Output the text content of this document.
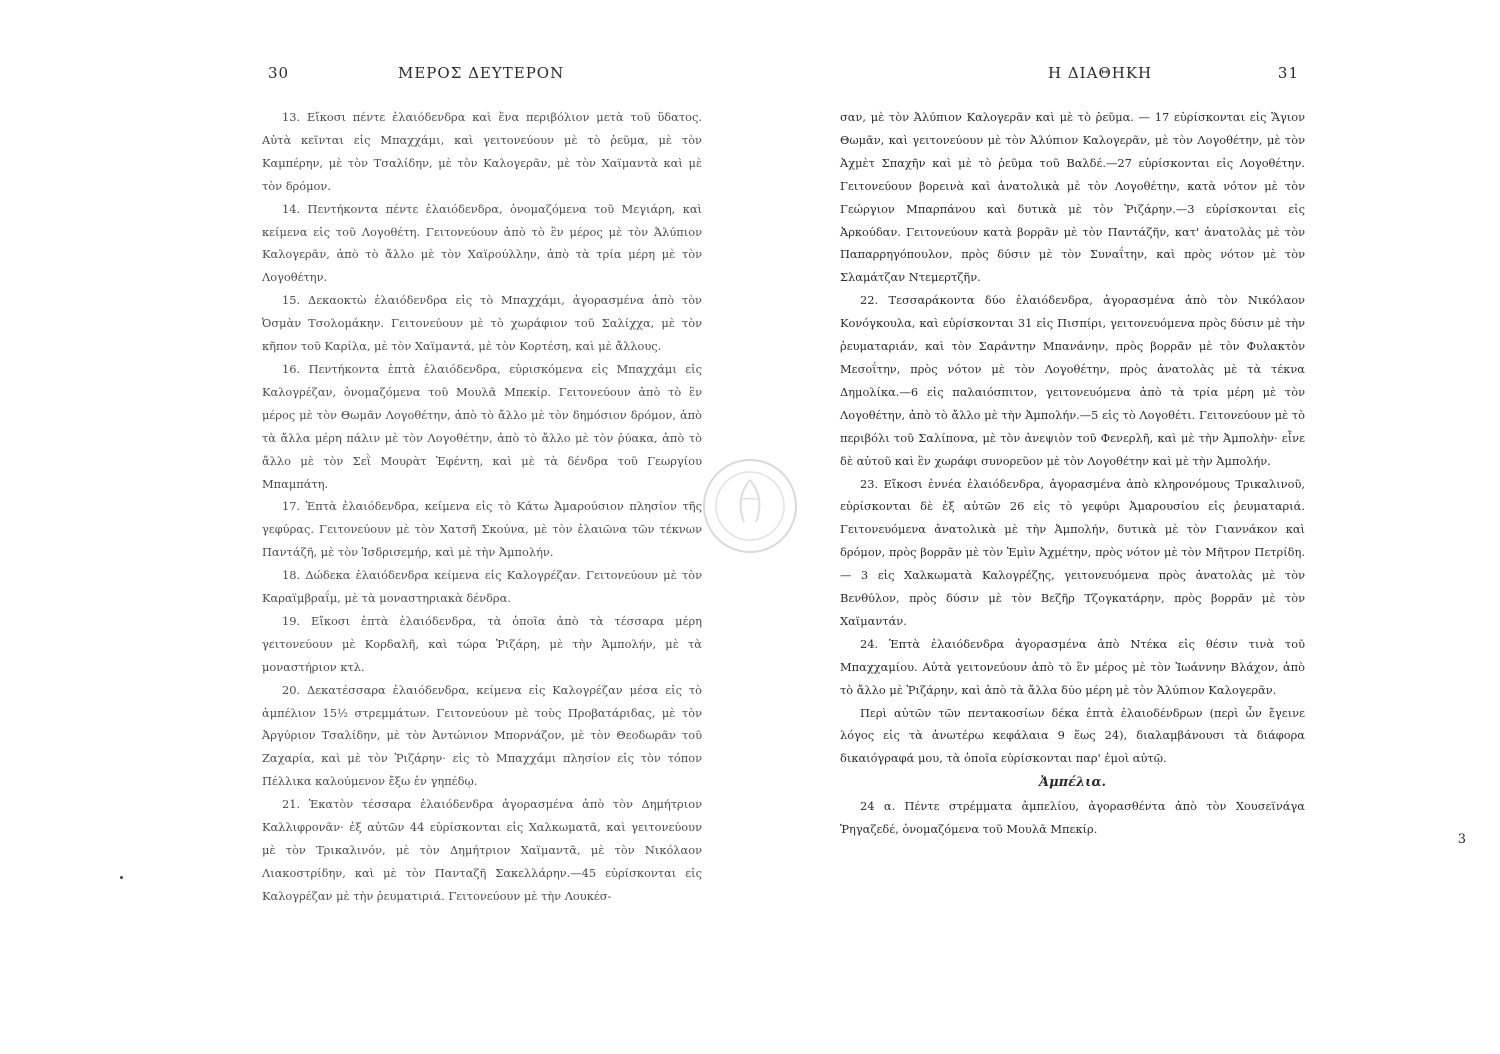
30	ΜΕΡΟΣ ΔΕΥΤΕΡΟΝ

13. Εἴκοσι πέντε ἐλαιόδενδρα καὶ ἕνα περιβόλιον μετὰ τοῦ ὕδατος. Αὐτὰ κεῖνται εἰς Μπαχχάμι, καὶ γειτονεύουν μὲ τὸ ῥεῦμα, μὲ τὸν Καμπέρην, μὲ τὸν Τσαλίδην, μὲ τὸν Καλογερᾶν, μὲ τὸν Χαϊμαντὰ καὶ μὲ τὸν δρόμον.

14. Πεντήκοντα πέντε ἐλαιόδενδρα, ὀνομαζόμενα τοῦ Μεγιάρη, καὶ κείμενα εἰς τοῦ Λογοθέτη. Γειτονεύουν ἀπὸ τὸ ἓν μέρος μὲ τὸν Ἀλύπιον Καλογερᾶν, ἀπὸ τὸ ἄλλο μὲ τὸν Χαϊρούλλην, ἀπὸ τὰ τρία μέρη μὲ τὸν Λογοθέτην.

15. Δεκαοκτὼ ἐλαιόδενδρα εἰς τὸ Μπαχχάμι, ἀγορασμένα ἀπὸ τὸν Ὀσμὰν Τσολομάκην. Γειτονεύουν μὲ τὸ χωράφιον τοῦ Σαλίχχα, μὲ τὸν κῆπον τοῦ Καρίλα, μὲ τὸν Χαϊμαντά, μὲ τὸν Κορτέση, καὶ μὲ ἄλλους.

16. Πεντήκοντα ἑπτὰ ἐλαιόδενδρα, εὑρισκόμενα εἰς Μπαχχάμι εἰς Καλογρέζαν, ὀνομαζόμενα τοῦ Μουλᾶ Μπεκίρ. Γειτονεύουν ἀπὸ τὸ ἓν μέρος μὲ τὸν Θωμᾶν Λογοθέτην, ἀπὸ τὸ ἄλλο μὲ τὸν δημόσιον δρόμον, ἀπὸ τὰ ἄλλα μέρη πάλιν μὲ τὸν Λογοθέτην, ἀπὸ τὸ ἄλλο μὲ τὸν ῥύακα, ἀπὸ τὸ ἄλλο μὲ τὸν Σεῒ Μουρὰτ Ἐφέντη, καὶ μὲ τὰ δένδρα τοῦ Γεωργίου Μπαμπάτη.

17. Ἑπτὰ ἐλαιόδενδρα, κείμενα εἰς τὸ Κάτω Ἀμαρούσιον πλησίον τῆς γεφύρας. Γειτονεύουν μὲ τὸν Χατσῆ Σκούνα, μὲ τὸν ἐλαιῶνα τῶν τέκνων Παντάζῆ, μὲ τὸν Ἰσδρισεμήρ, καὶ μὲ τὴν Ἀμπολήν.

18. Δώδεκα ἐλαιόδενδρα κείμενα εἰς Καλογρέζαν. Γειτονεύουν μὲ τὸν Καραϊμβραΐμ, μὲ τὰ μοναστηριακὰ δένδρα.

19. Εἴκοσι ἑπτὰ ἐλαιόδενδρα, τὰ ὁποῖα ἀπὸ τὰ τέσσαρα μέρη γειτονεύουν μὲ Κορδαλῆ, καὶ τώρα Ῥιζάρη, μὲ τὴν Ἀμπολήν, μὲ τὰ μοναστήριον κτλ.

20. Δεκατέσσαρα ἐλαιόδενδρα, κείμενα εἰς Καλογρέζαν μέσα εἰς τὸ ἀμπέλιον 15½ στρεμμάτων. Γειτονεύουν μὲ τοὺς Προβατάριδας, μὲ τὸν Ἀργύριον Τσαλίδην, μὲ τὸν Ἀντώνιον Μπορνάζον, μὲ τὸν Θεοδωρᾶν τοῦ Ζαχαρία, καὶ μὲ τὸν Ῥιζάρην· εἰς τὸ Μπαχχάμι πλησίον εἰς τὸν τόπον Πέλλικα καλούμενον ἔξω ἐν γηπέδῳ.

21. Ἑκατὸν τέσσαρα ἐλαιόδενδρα ἀγορασμένα ἀπὸ τὸν Δημήτριον Καλλιφρονᾶν· ἐξ αὐτῶν 44 εὑρίσκονται εἰς Χαλκωματᾶ, καὶ γειτονεύουν μὲ τὸν Τρικαλινόν, μὲ τὸν Δημήτριον Χαϊμαντᾶ, μὲ τὸν Νικόλαον Λιακοστρίδην, καὶ μὲ τὸν Πανταζῆ Σακελλάρην.—45 εὑρίσκονται εἰς Καλογρέζαν μὲ τὴν ῥευματιριά. Γειτονεύουν μὲ τὴν Λουκέσ-

Η ΔΙΑΘΗΚΗ	31

σαν, μὲ τὸν Ἀλύπιον Καλογερᾶν καὶ μὲ τὸ ῥεῦμα. — 17 εὑρίσκονται εἰς Ἅγιον Θωμᾶν, καὶ γειτονεύουν μὲ τὸν Ἀλύπιον Καλογερᾶν, μὲ τὸν Λογοθέτην, μὲ τὸν Ἀχμὲτ Σπαχῆν καὶ μὲ τὸ ῥεῦμα τοῦ Βαλδέ.—27 εὑρίσκονται εἰς Λογοθέτην. Γειτονεύουν βορεινὰ καὶ ἀνατολικὰ μὲ τὸν Λογοθέτην, κατὰ νότον μὲ τὸν Γεώργιον Μπαρπάνου καὶ δυτικὰ μὲ τὸν Ῥιζάρην.—3 εὑρίσκονται εἰς Ἀρκούδαν. Γειτονεύουν κατὰ βορρᾶν μὲ τὸν Παντάζῆν, κατ' ἀνατολὰς μὲ τὸν Παπαρρηγόπουλον, πρὸς δύσιν μὲ τὸν Συναΐτην, καὶ πρὸς νότον μὲ τὸν Σλαμάτζαν Ντεμερτζῆν.

22. Τεσσαράκοντα δύο ἐλαιόδενδρα, ἀγορασμένα ἀπὸ τὸν Νικόλαον Κονόγκουλα, καὶ εὑρίσκονται 31 εἰς Πισπίρι, γειτονευόμενα πρὸς δύσιν μὲ τὴν ῥευματαριάν, καὶ τὸν Σαράντην Μπανάνην, πρὸς βορρᾶν μὲ τὸν Φυλακτὸν Μεσοΐτην, πρὸς νότον μὲ τὸν Λογοθέτην, πρὸς ἀνατολὰς μὲ τὰ τέκνα Δημολίκα.—6 εἰς παλαιόσπιτον, γειτονευόμενα ἀπὸ τὰ τρία μέρη μὲ τὸν Λογοθέτην, ἀπὸ τὸ ἄλλο μὲ τὴν Ἀμπολήν.—5 εἰς τὸ Λογοθέτι. Γειτονεύουν μὲ τὸ περιβόλι τοῦ Σαλίπονα, μὲ τὸν ἀνεψιὸν τοῦ Φενερλῆ, καὶ μὲ τὴν Ἀμπολὴν· εἶνε δὲ αὐτοῦ καὶ ἓν χωράφι συνορεῦον μὲ τὸν Λογοθέτην καὶ μὲ τὴν Ἀμπολήν.

23. Εἴκοσι ἐννέα ἐλαιόδενδρα, ἀγορασμένα ἀπὸ κληρονόμους Τρικαλινοῦ, εὑρίσκονται δὲ ἐξ αὐτῶν 26 εἰς τὸ γεφύρι Ἀμαρουσίου εἰς ῥευματαριά. Γειτονευόμενα ἀνατολικὰ μὲ τὴν Ἀμπολήν, δυτικὰ μὲ τὸν Γιαννάκον καὶ δρόμον, πρὸς βορρᾶν μὲ τὸν Ἐμὶν Ἀχμέτην, πρὸς νότον μὲ τὸν Μῆτρον Πετρίδη. — 3 εἰς Χαλκωματὰ Καλογρέζης, γειτονευόμενα πρὸς ἀνατολὰς μὲ τὸν Βενθύλον, πρὸς δύσιν μὲ τὸν Βεζῆρ Τζογκατάρην, πρὸς βορρᾶν μὲ τὸν Χαϊμαντάν.

24. Ἑπτὰ ἐλαιόδενδρα ἀγορασμένα ἀπὸ Ντέκα εἰς θέσιν τινὰ τοῦ Μπαχχαμίου. Αὐτὰ γειτονεύουν ἀπὸ τὸ ἓν μέρος μὲ τὸν Ἰωάννην Βλάχον, ἀπὸ τὸ ἄλλο μὲ Ῥιζάρην, καὶ ἀπὸ τὰ ἄλλα δύο μέρη μὲ τὸν Ἀλύπιον Καλογερᾶν.

Περὶ αὐτῶν τῶν πεντακοσίων δέκα ἑπτὰ ἐλαιοδένδρων (περὶ ὧν ἔγεινε λόγος εἰς τὰ ἀνωτέρω κεφάλαια 9 ἕως 24), διαλαμβάνουσι τὰ διάφορα δικαιόγραφά μου, τὰ ὁποῖα εὑρίσκονται παρ' ἐμοὶ αὐτῷ.

Ἀμπέλια.

24 α. Πέντε στρέμματα ἀμπελίου, ἀγορασθέντα ἀπὸ τὸν Χουσεϊνάγα Ῥηγαζεδέ, ὀνομαζόμενα τοῦ Μουλᾶ Μπεκίρ.

3
